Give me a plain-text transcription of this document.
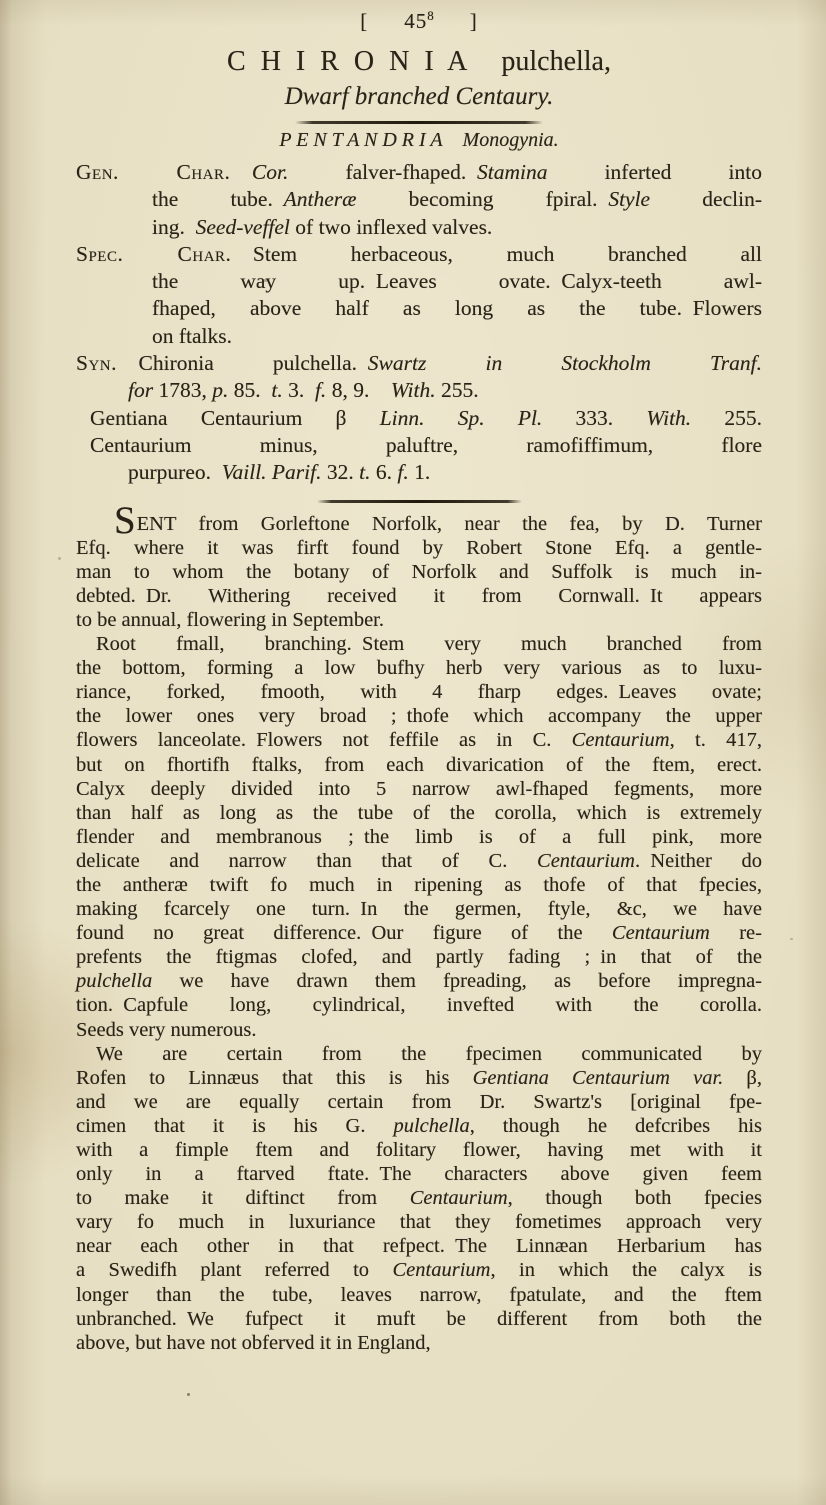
[ $45^8$ ]
C H I R O N I A pulchella,
Dwarf branched Centaury.
P E N T A N D R I A Monogynia.
Gen. Char.  Cor. falver-fhaped. Stamina inferted into
the tube. Antheræ becoming fpiral. Style declin-
ing. Seed-veffel of two inflexed valves.
Spec. Char. Stem herbaceous, much branched all
the way up. Leaves ovate. Calyx-teeth awl-
fhaped, above half as long as the tube. Flowers
on ftalks.
Syn. Chironia pulchella. Swartz in Stockholm Tranf.
for 1783, p. 85. t. 3. f. 8, 9. With. 255.
Gentiana Centaurium β Linn. Sp. Pl. 333. With. 255.
Centaurium minus, paluftre, ramofiffimum, flore
purpureo. Vaill. Parif. 32. t. 6. f. 1.
SENT from Gorleftone Norfolk, near the fea, by D. Turner
Efq. where it was firft found by Robert Stone Efq. a gentle-
man to whom the botany of Norfolk and Suffolk is much in-
debted. Dr. Withering received it from Cornwall. It appears
to be annual, flowering in September.
Root fmall, branching. Stem very much branched from
the bottom, forming a low bufhy herb very various as to luxu-
riance, forked, fmooth, with 4 fharp edges. Leaves ovate;
the lower ones very broad ; thofe which accompany the upper
flowers lanceolate. Flowers not feffile as in C. Centaurium, t. 417,
but on fhortifh ftalks, from each divarication of the ftem, erect.
Calyx deeply divided into 5 narrow awl-fhaped fegments, more
than half as long as the tube of the corolla, which is extremely
flender and membranous ; the limb is of a full pink, more
delicate and narrow than that of C. Centaurium. Neither do
the antheræ twift fo much in ripening as thofe of that fpecies,
making fcarcely one turn. In the germen, ftyle, &c, we have
found no great difference. Our figure of the Centaurium re-
prefents the ftigmas clofed, and partly fading ; in that of the
pulchella we have drawn them fpreading, as before impregna-
tion. Capfule long, cylindrical, invefted with the corolla.
Seeds very numerous.
We are certain from the fpecimen communicated by
Rofen to Linnæus that this is his Gentiana Centaurium var. β,
and we are equally certain from Dr. Swartz's [original fpe-
cimen that it is his G. pulchella, though he defcribes his
with a fimple ftem and folitary flower, having met with it
only in a ftarved ftate. The characters above given feem
to make it diftinct from Centaurium, though both fpecies
vary fo much in luxuriance that they fometimes approach very
near each other in that refpect. The Linnæan Herbarium has
a Swedifh plant referred to Centaurium, in which the calyx is
longer than the tube, leaves narrow, fpatulate, and the ftem
unbranched. We fufpect it muft be different from both the
above, but have not obferved it in England,
